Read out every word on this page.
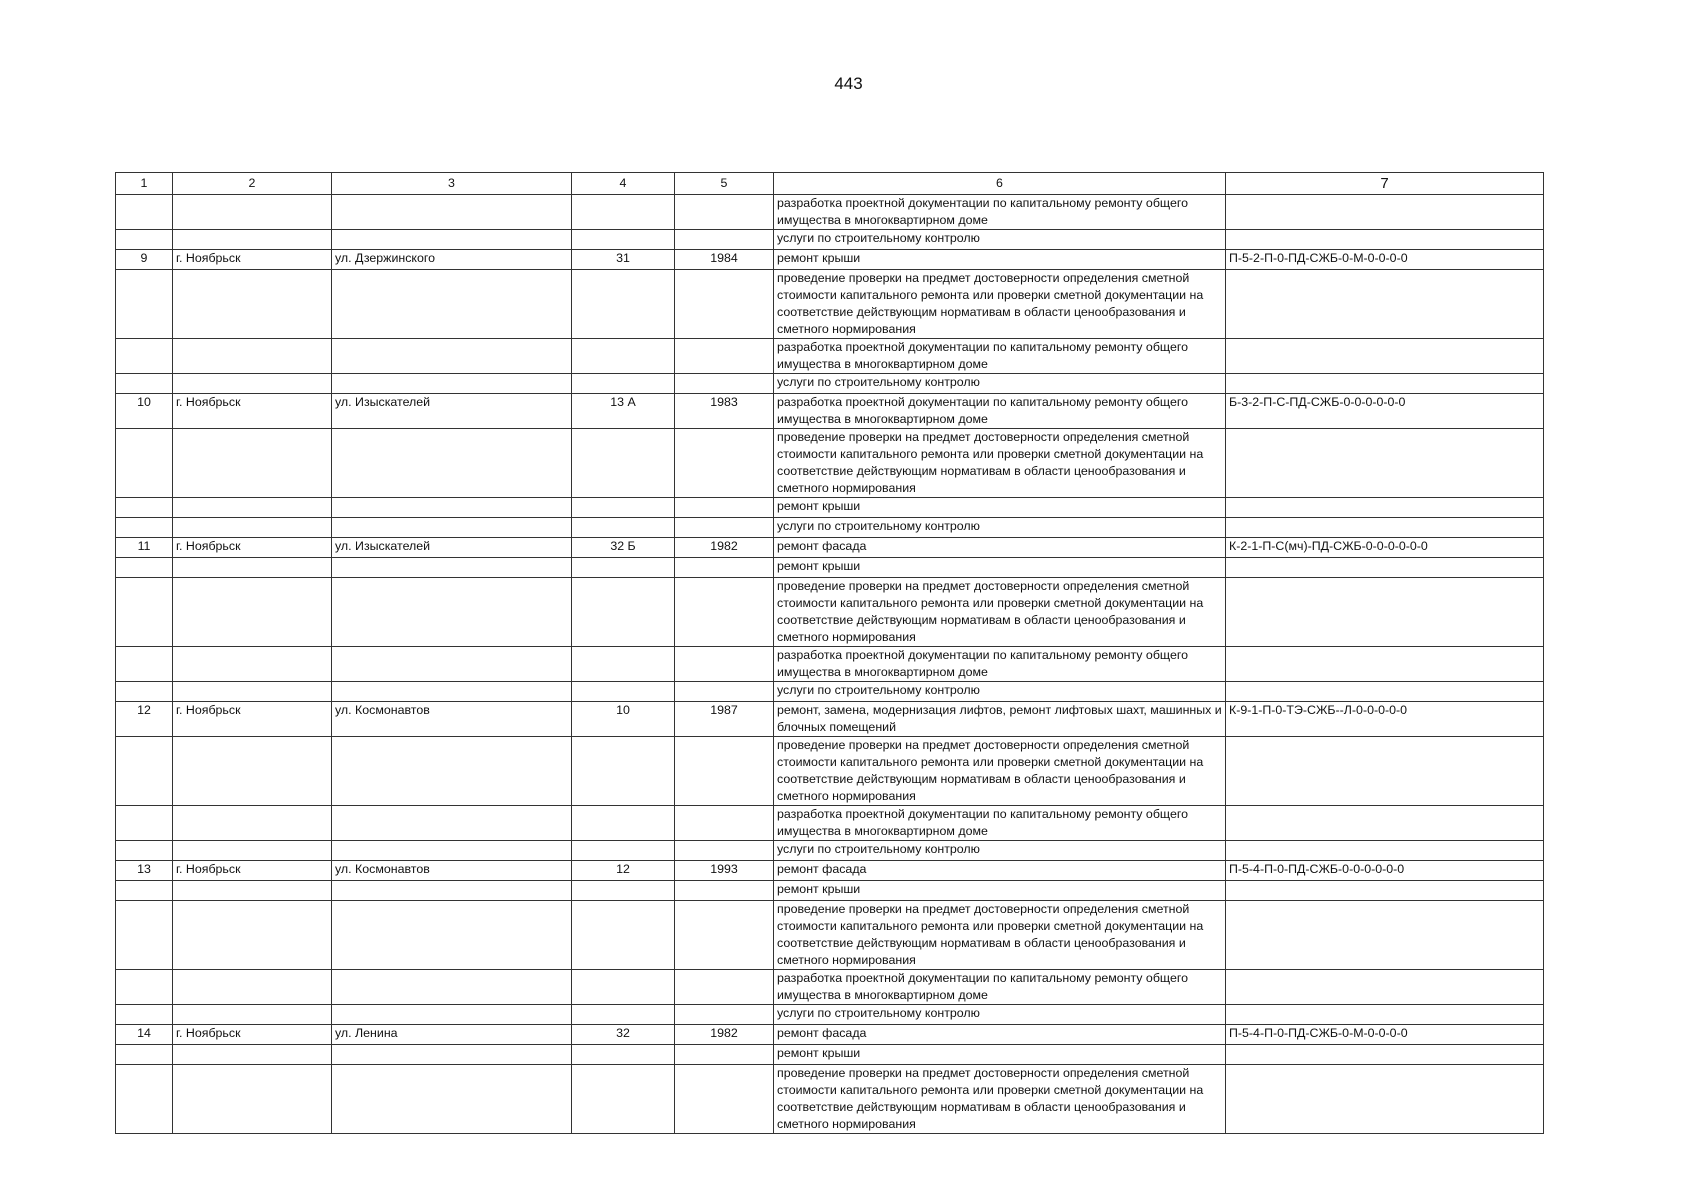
443
1	2	3	4	5	6	7
					разработка проектной документации по капитальному ремонту общего имущества в многоквартирном доме	
					услуги по строительному контролю	
9	г. Ноябрьск	ул. Дзержинского	31	1984	ремонт крыши	П-5-2-П-0-ПД-СЖБ-0-М-0-0-0-0
					проведение проверки на предмет достоверности определения сметной стоимости капитального ремонта или проверки сметной документации на соответствие действующим нормативам в области ценообразования и сметного нормирования	
					разработка проектной документации по капитальному ремонту общего имущества в многоквартирном доме	
					услуги по строительному контролю	
10	г. Ноябрьск	ул. Изыскателей	13 А	1983	разработка проектной документации по капитальному ремонту общего имущества в многоквартирном доме	Б-3-2-П-С-ПД-СЖБ-0-0-0-0-0-0
					проведение проверки на предмет достоверности определения сметной стоимости капитального ремонта или проверки сметной документации на соответствие действующим нормативам в области ценообразования и сметного нормирования	
					ремонт крыши	
					услуги по строительному контролю	
11	г. Ноябрьск	ул. Изыскателей	32 Б	1982	ремонт фасада	К-2-1-П-С(мч)-ПД-СЖБ-0-0-0-0-0-0
					ремонт крыши	
					проведение проверки на предмет достоверности определения сметной стоимости капитального ремонта или проверки сметной документации на соответствие действующим нормативам в области ценообразования и сметного нормирования	
					разработка проектной документации по капитальному ремонту общего имущества в многоквартирном доме	
					услуги по строительному контролю	
12	г. Ноябрьск	ул. Космонавтов	10	1987	ремонт, замена, модернизация лифтов, ремонт лифтовых шахт, машинных и блочных помещений	К-9-1-П-0-ТЭ-СЖБ--Л-0-0-0-0-0
					проведение проверки на предмет достоверности определения сметной стоимости капитального ремонта или проверки сметной документации на соответствие действующим нормативам в области ценообразования и сметного нормирования	
					разработка проектной документации по капитальному ремонту общего имущества в многоквартирном доме	
					услуги по строительному контролю	
13	г. Ноябрьск	ул. Космонавтов	12	1993	ремонт фасада	П-5-4-П-0-ПД-СЖБ-0-0-0-0-0-0
					ремонт крыши	
					проведение проверки на предмет достоверности определения сметной стоимости капитального ремонта или проверки сметной документации на соответствие действующим нормативам в области ценообразования и сметного нормирования	
					разработка проектной документации по капитальному ремонту общего имущества в многоквартирном доме	
					услуги по строительному контролю	
14	г. Ноябрьск	ул. Ленина	32	1982	ремонт фасада	П-5-4-П-0-ПД-СЖБ-0-М-0-0-0-0
					ремонт крыши	
					проведение проверки на предмет достоверности определения сметной стоимости капитального ремонта или проверки сметной документации на соответствие действующим нормативам в области ценообразования и сметного нормирования	
